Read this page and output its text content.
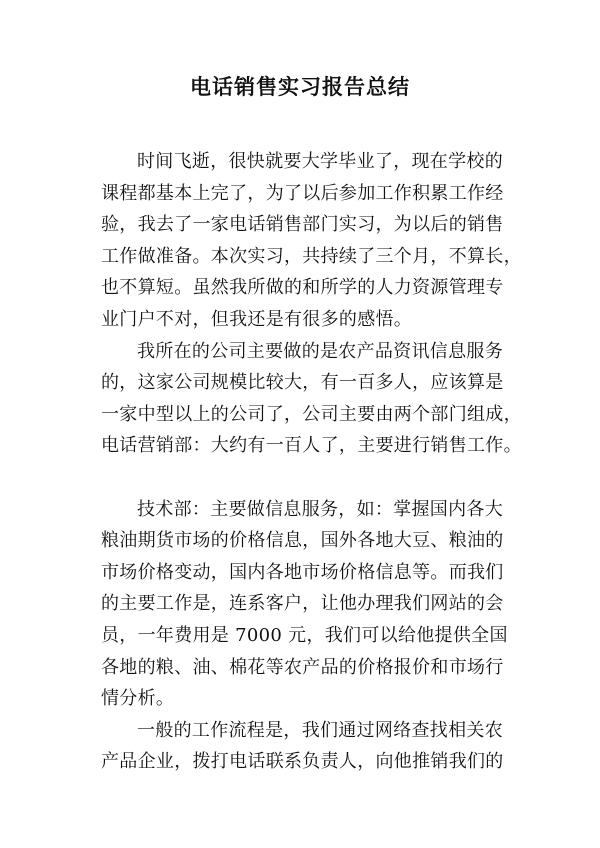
电话销售实习报告总结
时间飞逝，很快就要大学毕业了，现在学校的
课程都基本上完了，为了以后参加工作积累工作经
验，我去了一家电话销售部门实习，为以后的销售
工作做准备。本次实习，共持续了三个月，不算长，
也不算短。虽然我所做的和所学的人力资源管理专
业门户不对，但我还是有很多的感悟。
我所在的公司主要做的是农产品资讯信息服务
的，这家公司规模比较大，有一百多人，应该算是
一家中型以上的公司了，公司主要由两个部门组成，
电话营销部：大约有一百人了，主要进行销售工作。
技术部：主要做信息服务，如：掌握国内各大
粮油期货市场的价格信息，国外各地大豆、粮油的
市场价格变动，国内各地市场价格信息等。而我们
的主要工作是，连系客户，让他办理我们网站的会
员，一年费用是 7000 元，我们可以给他提供全国
各地的粮、油、棉花等农产品的价格报价和市场行
情分析。
一般的工作流程是，我们通过网络查找相关农
产品企业，拨打电话联系负责人，向他推销我们的
